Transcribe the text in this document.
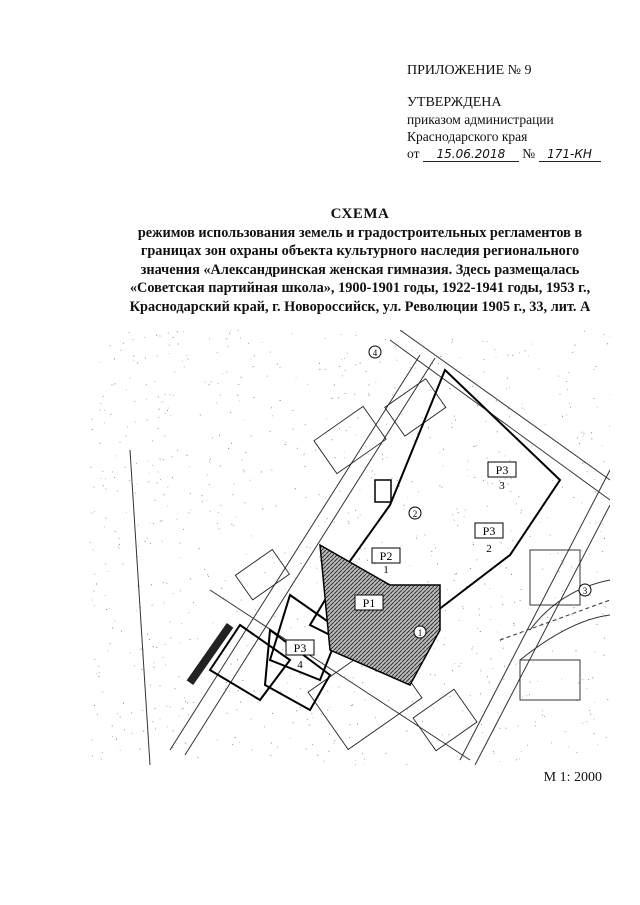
ПРИЛОЖЕНИЕ № 9
УТВЕРЖДЕНА
приказом администрации
Краснодарского края
от 15.06.2018 № 171-КН
СХЕМА
режимов использования земель и градостроительных регламентов в
границах зон охраны объекта культурного наследия регионального
значения «Александринская женская гимназия. Здесь размещалась
«Советская партийная школа», 1900-1901 годы, 1922-1941 годы, 1953 г.,
Краснодарский край, г. Новороссийск, ул. Революции 1905 г., 33, лит. А
Р3
3
Р3
2
Р2
1
Р1
Р3
4
1
2
3
4
М 1: 2000
